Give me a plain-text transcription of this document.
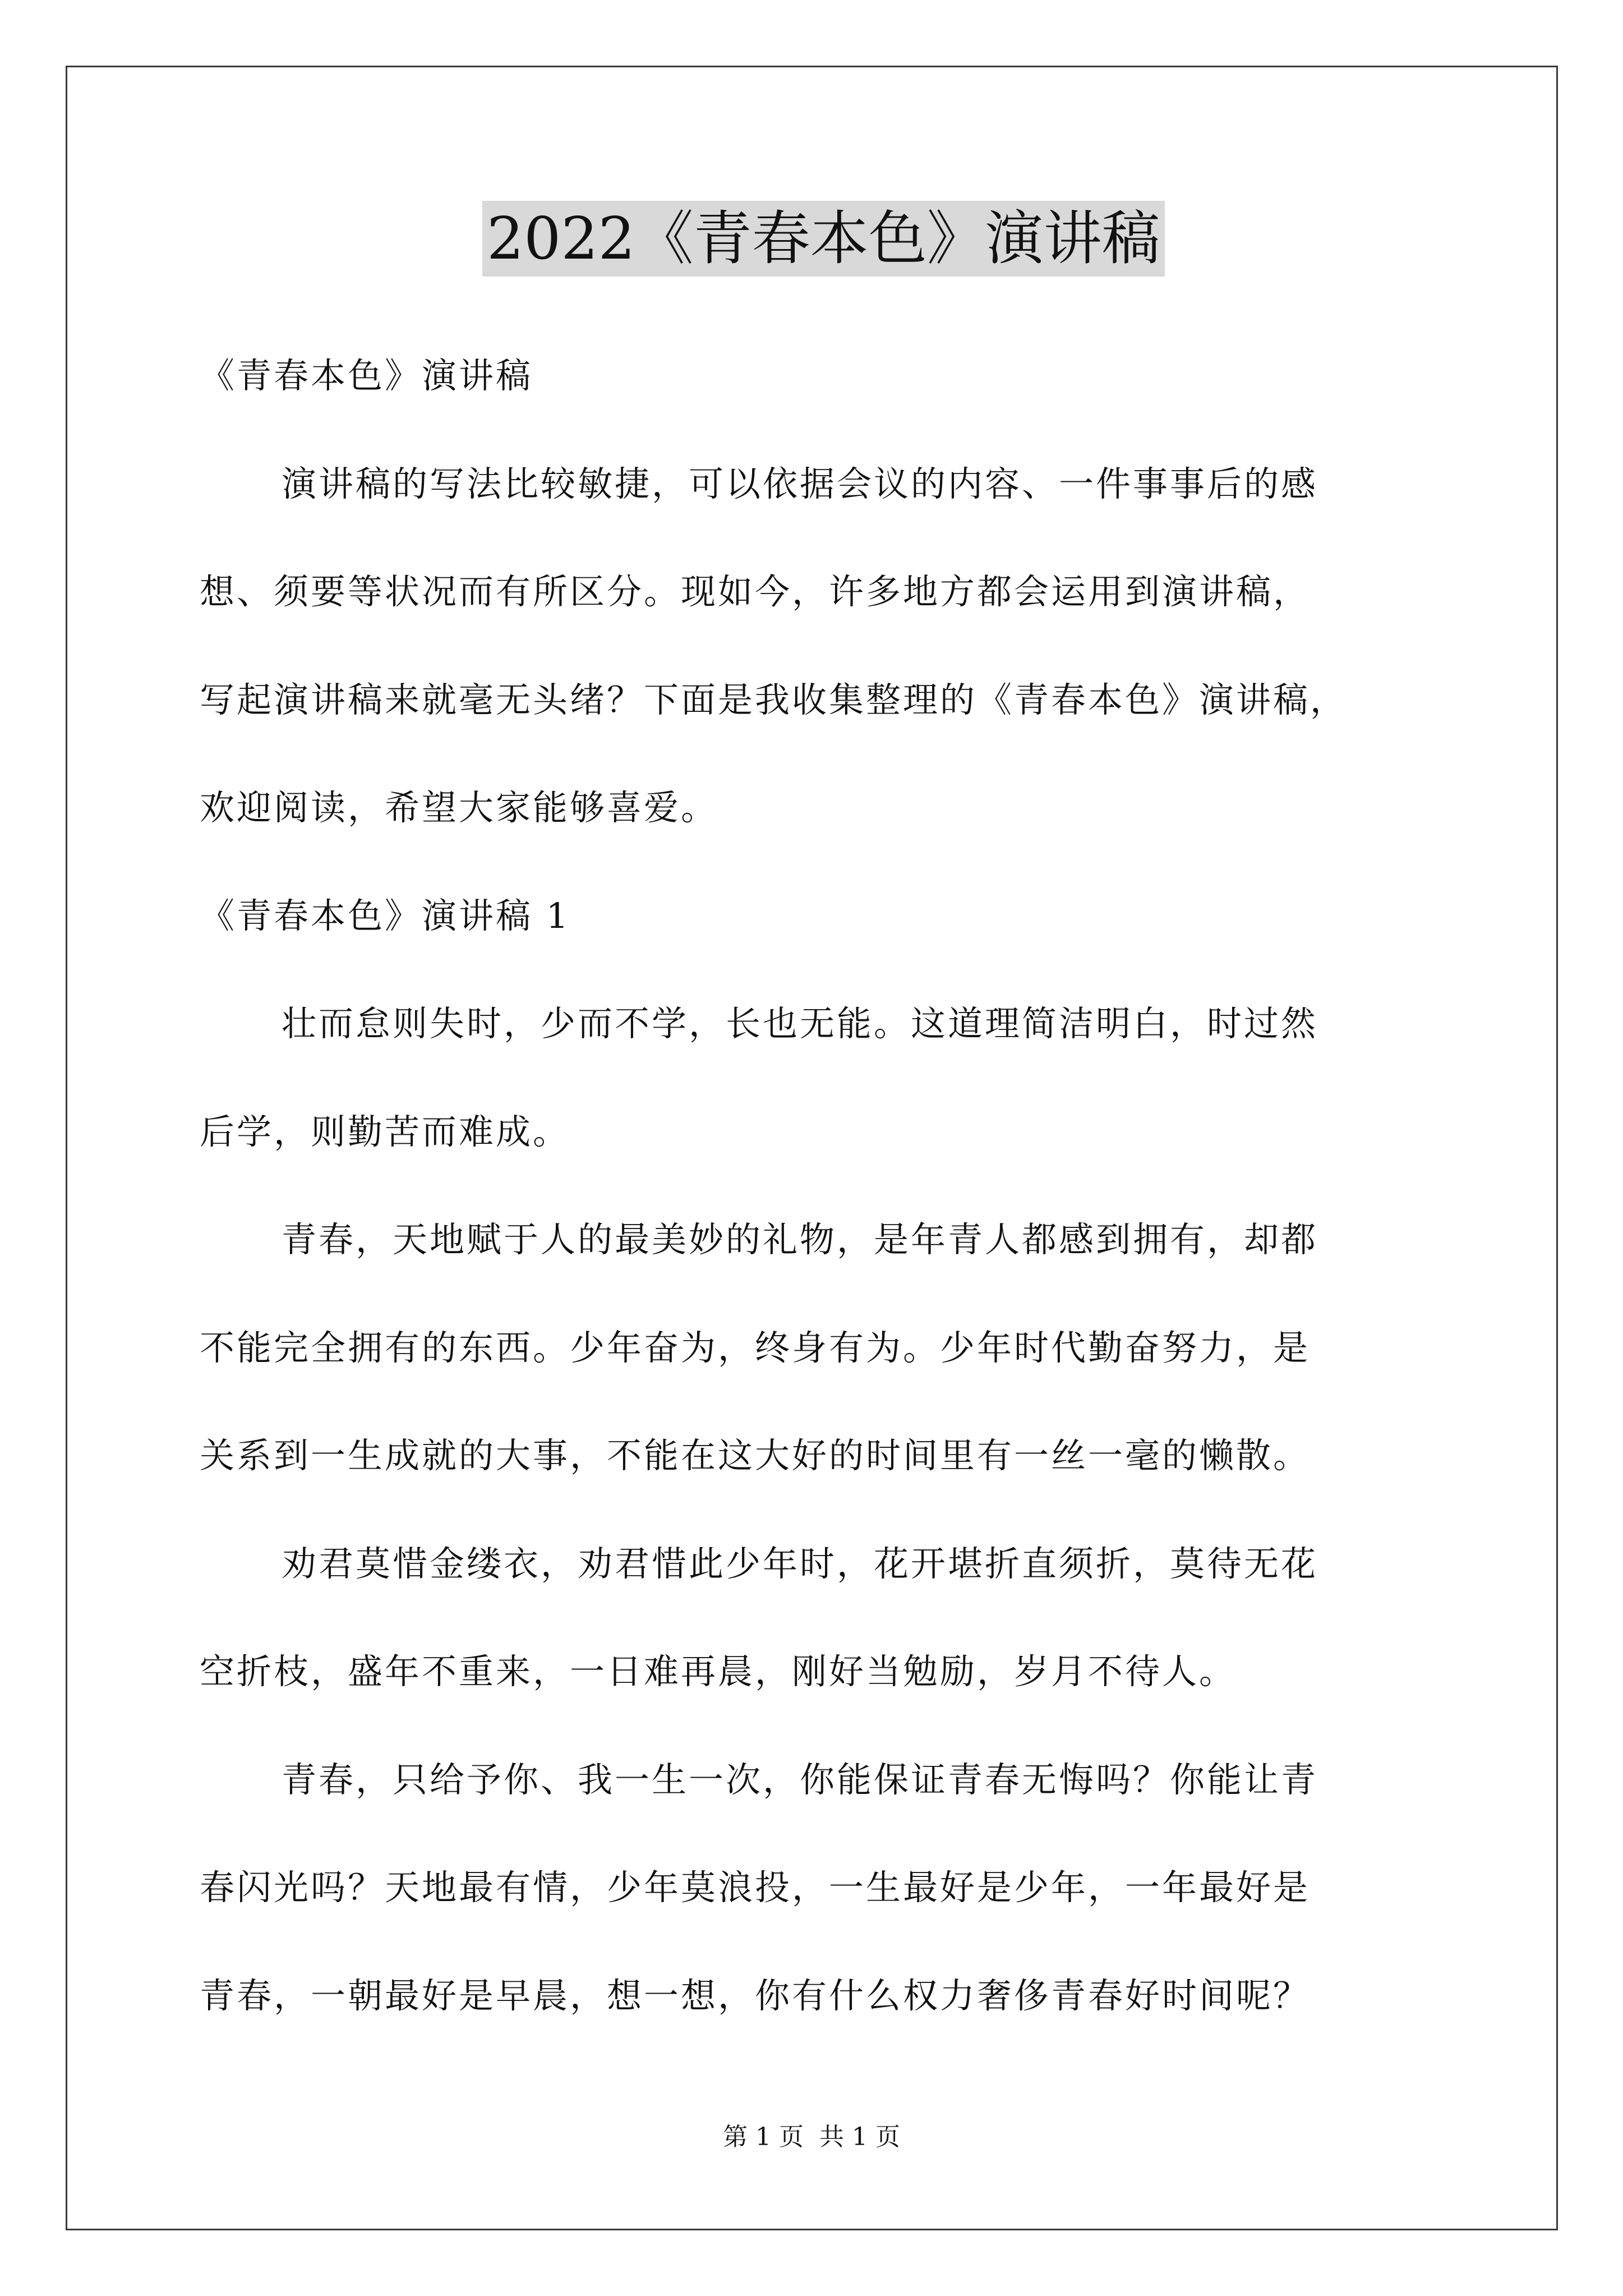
2022《青春本色》演讲稿
《青春本色》演讲稿
演讲稿的写法比较敏捷，可以依据会议的内容、一件事事后的感
想、须要等状况而有所区分。现如今，许多地方都会运用到演讲稿，
写起演讲稿来就毫无头绪？下面是我收集整理的《青春本色》演讲稿，
欢迎阅读，希望大家能够喜爱。
《青春本色》演讲稿 1
壮而怠则失时，少而不学，长也无能。这道理简洁明白，时过然
后学，则勤苦而难成。
青春，天地赋于人的最美妙的礼物，是年青人都感到拥有，却都
不能完全拥有的东西。少年奋为，终身有为。少年时代勤奋努力，是
关系到一生成就的大事，不能在这大好的时间里有一丝一毫的懒散。
劝君莫惜金缕衣，劝君惜此少年时，花开堪折直须折，莫待无花
空折枝，盛年不重来，一日难再晨，刚好当勉励，岁月不待人。
青春，只给予你、我一生一次，你能保证青春无悔吗？你能让青
春闪光吗？天地最有情，少年莫浪投，一生最好是少年，一年最好是
青春，一朝最好是早晨，想一想，你有什么权力奢侈青春好时间呢？
第 1 页 共 1 页
